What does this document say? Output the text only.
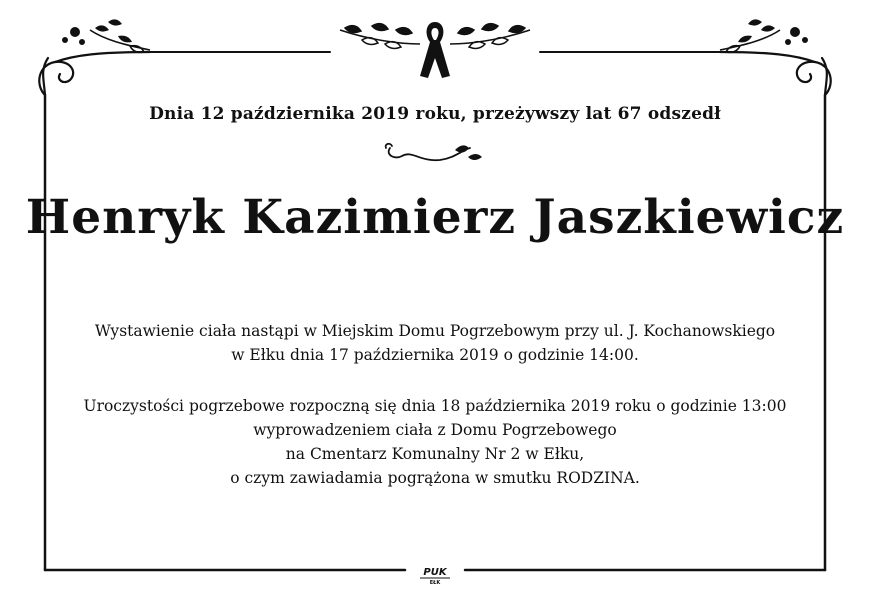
Dnia 12 października 2019 roku, przeżywszy lat 67 odszedł
Henryk Kazimierz Jaszkiewicz
Wystawienie ciała nastąpi w Miejskim Domu Pogrzebowym przy ul. J. Kochanowskiego
w Ełku dnia 17 października 2019 o godzinie 14:00.
Uroczystości pogrzebowe rozpoczną się dnia 18 października 2019 roku o godzinie 13:00
wyprowadzeniem ciała z Domu Pogrzebowego
na Cmentarz Komunalny Nr 2 w Ełku,
o czym zawiadamia pogrążona w smutku RODZINA.
PUK
EŁK
